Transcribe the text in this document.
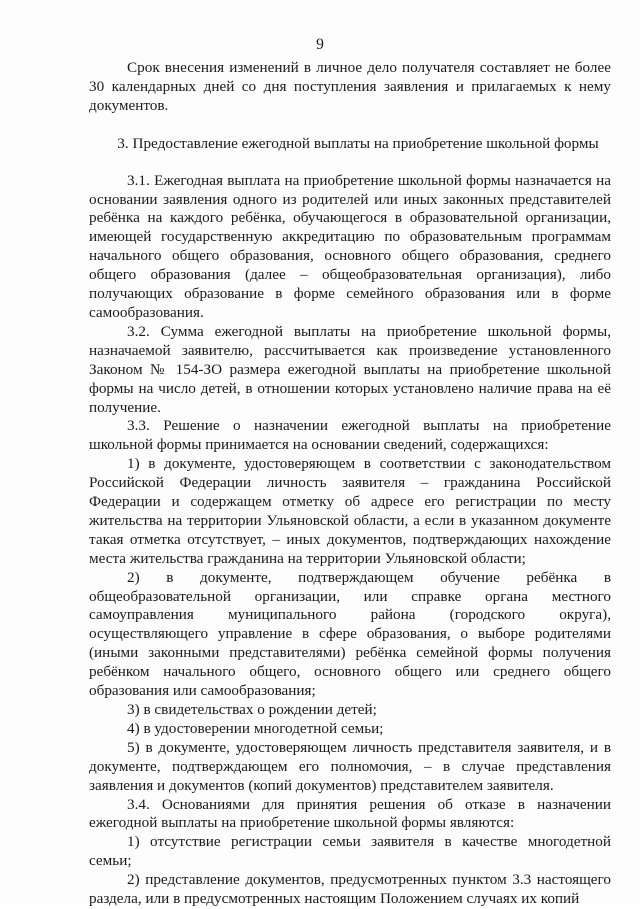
9

Срок внесения изменений в личное дело получателя составляет не более 30 календарных дней со дня поступления заявления и прилагаемых к нему документов.

3. Предоставление ежегодной выплаты на приобретение школьной формы

3.1. Ежегодная выплата на приобретение школьной формы назначается на основании заявления одного из родителей или иных законных представителей ребёнка на каждого ребёнка, обучающегося в образовательной организации, имеющей государственную аккредитацию по образовательным программам начального общего образования, основного общего образования, среднего общего образования (далее – общеобразовательная организация), либо получающих образование в форме семейного образования или в форме самообразования.

3.2. Сумма ежегодной выплаты на приобретение школьной формы, назначаемой заявителю, рассчитывается как произведение установленного Законом № 154-ЗО размера ежегодной выплаты на приобретение школьной формы на число детей, в отношении которых установлено наличие права на её получение.

3.3. Решение о назначении ежегодной выплаты на приобретение школьной формы принимается на основании сведений, содержащихся:

1) в документе, удостоверяющем в соответствии с законодательством Российской Федерации личность заявителя – гражданина Российской Федерации и содержащем отметку об адресе его регистрации по месту жительства на территории Ульяновской области, а если в указанном документе такая отметка отсутствует, – иных документов, подтверждающих нахождение места жительства гражданина на территории Ульяновской области;

2) в документе, подтверждающем обучение ребёнка в общеобразовательной организации, или справке органа местного самоуправления муниципального района (городского округа), осуществляющего управление в сфере образования, о выборе родителями (иными законными представителями) ребёнка семейной формы получения ребёнком начального общего, основного общего или среднего общего образования или самообразования;

3) в свидетельствах о рождении детей;

4) в удостоверении многодетной семьи;

5) в документе, удостоверяющем личность представителя заявителя, и в документе, подтверждающем его полномочия, – в случае представления заявления и документов (копий документов) представителем заявителя.

3.4. Основаниями для принятия решения об отказе в назначении ежегодной выплаты на приобретение школьной формы являются:

1) отсутствие регистрации семьи заявителя в качестве многодетной семьи;

2) представление документов, предусмотренных пунктом 3.3 настоящего раздела, или в предусмотренных настоящим Положением случаях их копий
